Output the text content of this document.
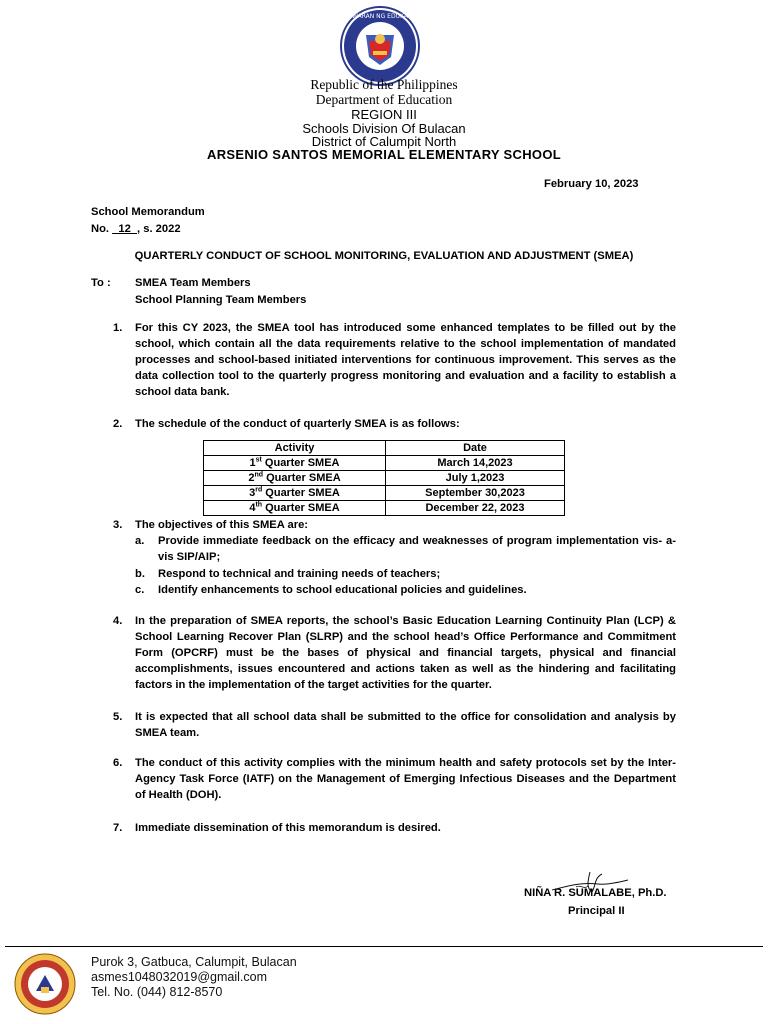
KAGAWARAN NG EDUKASYON
Republic of the Philippines
Department of Education
REGION III
Schools Division Of Bulacan
District of Calumpit North
ARSENIO SANTOS MEMORIAL ELEMENTARY SCHOOL
February 10, 2023
School Memorandum
No.   12  , s. 2022
QUARTERLY CONDUCT OF SCHOOL MONITORING, EVALUATION AND ADJUSTMENT (SMEA)
To : SMEA Team Members
School Planning Team Members
1. For this CY 2023, the SMEA tool has introduced some enhanced templates to be filled out by the school, which contain all the data requirements relative to the school implementation of mandated processes and school-based initiated interventions for continuous improvement. This serves as the data collection tool to the quarterly progress monitoring and evaluation and a facility to establish a school data bank.
2. The schedule of the conduct of quarterly SMEA is as follows:
Activity	Date
1st Quarter SMEA	March 14,2023
2nd Quarter SMEA	July 1,2023
3rd Quarter SMEA	September 30,2023
4th Quarter SMEA	December 22, 2023
3. The objectives of this SMEA are:
a. Provide immediate feedback on the efficacy and weaknesses of program implementation vis- a- vis SIP/AIP;
b. Respond to technical and training needs of teachers;
c. Identify enhancements to school educational policies and guidelines.
4. In the preparation of SMEA reports, the school’s Basic Education Learning Continuity Plan (LCP) & School Learning Recover Plan (SLRP) and the school head’s Office Performance and Commitment Form (OPCRF) must be the bases of physical and financial targets, physical and financial accomplishments, issues encountered and actions taken as well as the hindering and facilitating factors in the implementation of the target activities for the quarter.
5. It is expected that all school data shall be submitted to the office for consolidation and analysis by SMEA team.
6. The conduct of this activity complies with the minimum health and safety protocols set by the Inter-Agency Task Force (IATF) on the Management of Emerging Infectious Diseases and the Department of Health (DOH).
7. Immediate dissemination of this memorandum is desired.
NIÑA R. SUMALABE, Ph.D.
Principal II
Purok 3, Gatbuca, Calumpit, Bulacan
asmes1048032019@gmail.com
Tel. No. (044) 812-8570
